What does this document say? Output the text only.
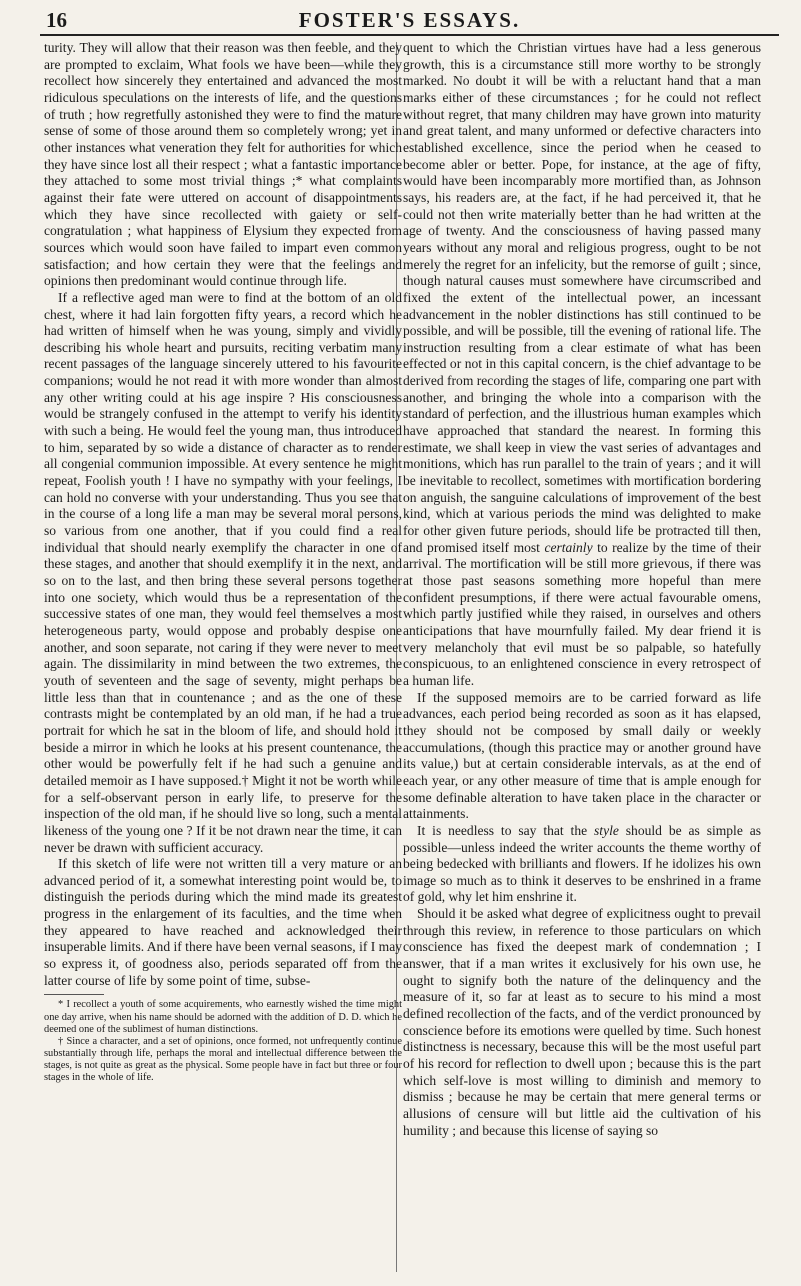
16	FOSTER'S ESSAYS.

turity. They will allow that their reason was then feeble, and they are prompted to exclaim, What fools we have been—while they recollect how sincerely they entertained and advanced the most ridiculous speculations on the interests of life, and the questions of truth ; how regretfully astonished they were to find the mature sense of some of those around them so completely wrong; yet in other instances what veneration they felt for authorities for which they have since lost all their respect ; what a fantastic importance they attached to some most trivial things ;* what complaints against their fate were uttered on account of disappointments which they have since recollected with gaiety or self-congratulation ; what happiness of Elysium they expected from sources which would soon have failed to impart even common satisfaction; and how certain they were that the feelings and opinions then predominant would continue through life.

If a reflective aged man were to find at the bottom of an old chest, where it had lain forgotten fifty years, a record which he had written of himself when he was young, simply and vividly describing his whole heart and pursuits, reciting verbatim many recent passages of the language sincerely uttered to his favourite companions; would he not read it with more wonder than almost any other writing could at his age inspire ? His consciousness would be strangely confused in the attempt to verify his identity with such a being. He would feel the young man, thus introduced to him, separated by so wide a distance of character as to render all congenial communion impossible. At every sentence he might repeat, Foolish youth ! I have no sympathy with your feelings, I can hold no converse with your understanding. Thus you see that in the course of a long life a man may be several moral persons, so various from one another, that if you could find a real individual that should nearly exemplify the character in one of these stages, and another that should exemplify it in the next, and so on to the last, and then bring these several persons together into one society, which would thus be a representation of the successive states of one man, they would feel themselves a most heterogeneous party, would oppose and probably despise one another, and soon separate, not caring if they were never to meet again. The dissimilarity in mind between the two extremes, the youth of seventeen and the sage of seventy, might perhaps be little less than that in countenance ; and as the one of these contrasts might be contemplated by an old man, if he had a true portrait for which he sat in the bloom of life, and should hold it beside a mirror in which he looks at his present countenance, the other would be powerfully felt if he had such a genuine and detailed memoir as I have supposed.† Might it not be worth while for a self-observant person in early life, to preserve for the inspection of the old man, if he should live so long, such a mental likeness of the young one ? If it be not drawn near the time, it can never be drawn with sufficient accuracy.

If this sketch of life were not written till a very mature or an advanced period of it, a somewhat interesting point would be, to distinguish the periods during which the mind made its greatest progress in the enlargement of its faculties, and the time when they appeared to have reached and acknowledged their insuperable limits. And if there have been vernal seasons, if I may so express it, of goodness also, periods separated off from the latter course of life by some point of time, subse-

* I recollect a youth of some acquirements, who earnestly wished the time might one day arrive, when his name should be adorned with the addition of D. D. which he deemed one of the sublimest of human distinctions.

† Since a character, and a set of opinions, once formed, not unfrequently continue substantially through life, perhaps the moral and intellectual difference between the stages, is not quite as great as the physical. Some people have in fact but three or four stages in the whole of life.

quent to which the Christian virtues have had a less generous growth, this is a circumstance still more worthy to be strongly marked. No doubt it will be with a reluctant hand that a man marks either of these circumstances ; for he could not reflect without regret, that many children may have grown into maturity and great talent, and many unformed or defective characters into established excellence, since the period when he ceased to become abler or better. Pope, for instance, at the age of fifty, would have been incomparably more mortified than, as Johnson says, his readers are, at the fact, if he had perceived it, that he could not then write materially better than he had written at the age of twenty. And the consciousness of having passed many years without any moral and religious progress, ought to be not merely the regret for an infelicity, but the remorse of guilt ; since, though natural causes must somewhere have circumscribed and fixed the extent of the intellectual power, an incessant advancement in the nobler distinctions has still continued to be possible, and will be possible, till the evening of rational life. The instruction resulting from a clear estimate of what has been effected or not in this capital concern, is the chief advantage to be derived from recording the stages of life, comparing one part with another, and bringing the whole into a comparison with the standard of perfection, and the illustrious human examples which have approached that standard the nearest. In forming this estimate, we shall keep in view the vast series of advantages and monitions, which has run parallel to the train of years ; and it will be inevitable to recollect, sometimes with mortification bordering on anguish, the sanguine calculations of improvement of the best kind, which at various periods the mind was delighted to make for other given future periods, should life be protracted till then, and promised itself most certainly to realize by the time of their arrival. The mortification will be still more grievous, if there was at those past seasons something more hopeful than mere confident presumptions, if there were actual favourable omens, which partly justified while they raised, in ourselves and others anticipations that have mournfully failed. My dear friend it is very melancholy that evil must be so palpable, so hatefully conspicuous, to an enlightened conscience in every retrospect of a human life.

If the supposed memoirs are to be carried forward as life advances, each period being recorded as soon as it has elapsed, they should not be composed by small daily or weekly accumulations, (though this practice may or another ground have its value,) but at certain considerable intervals, as at the end of each year, or any other measure of time that is ample enough for some definable alteration to have taken place in the character or attainments.

It is needless to say that the style should be as simple as possible—unless indeed the writer accounts the theme worthy of being bedecked with brilliants and flowers. If he idolizes his own image so much as to think it deserves to be enshrined in a frame of gold, why let him enshrine it.

Should it be asked what degree of explicitness ought to prevail through this review, in reference to those particulars on which conscience has fixed the deepest mark of condemnation ; I answer, that if a man writes it exclusively for his own use, he ought to signify both the nature of the delinquency and the measure of it, so far at least as to secure to his mind a most defined recollection of the facts, and of the verdict pronounced by conscience before its emotions were quelled by time. Such honest distinctness is necessary, because this will be the most useful part of his record for reflection to dwell upon ; because this is the part which self-love is most willing to diminish and memory to dismiss ; because he may be certain that mere general terms or allusions of censure will but little aid the cultivation of his humility ; and because this license of saying so
